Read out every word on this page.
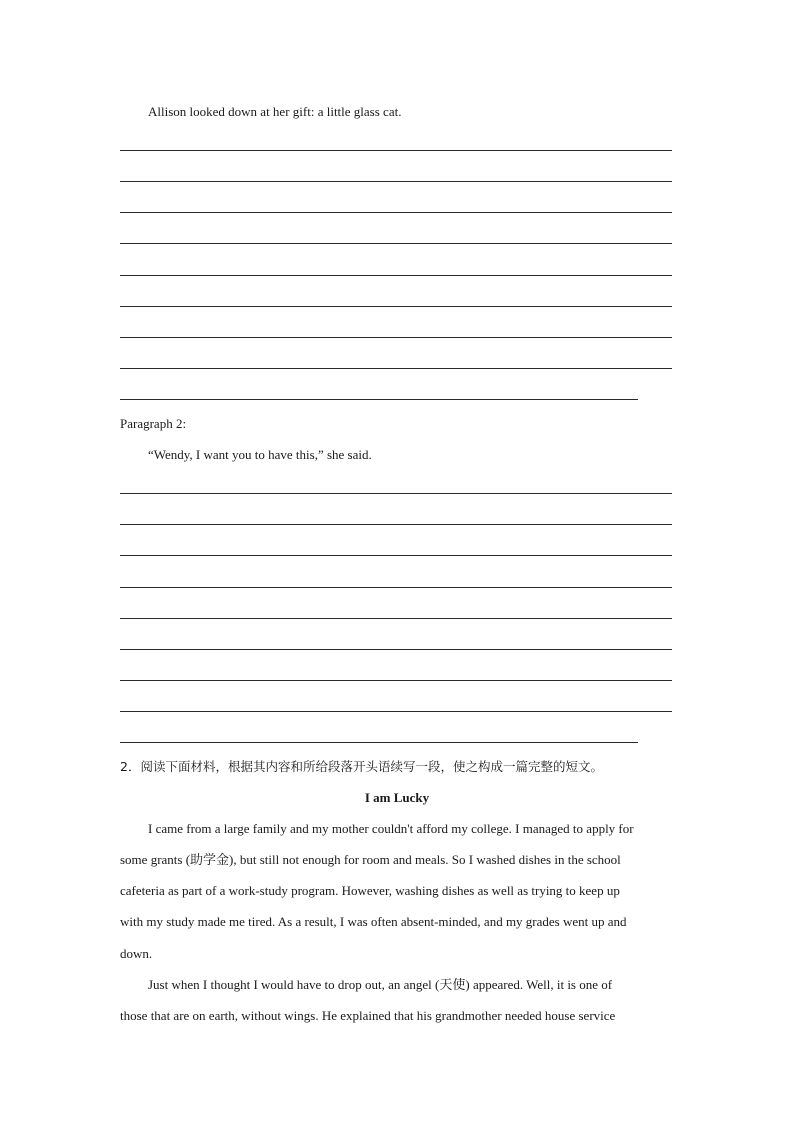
Allison looked down at her gift: a little glass cat.
Paragraph 2:
“Wendy, I want you to have this,” she said.
2．阅读下面材料，根据其内容和所给段落开头语续写一段，使之构成一篇完整的短文。
I am Lucky
I came from a large family and my mother couldn't afford my college. I managed to apply for
some grants (助学金), but still not enough for room and meals. So I washed dishes in the school
cafeteria as part of a work-study program. However, washing dishes as well as trying to keep up
with my study made me tired. As a result, I was often absent-minded, and my grades went up and
down.
Just when I thought I would have to drop out, an angel (天使) appeared. Well, it is one of
those that are on earth, without wings. He explained that his grandmother needed house service
